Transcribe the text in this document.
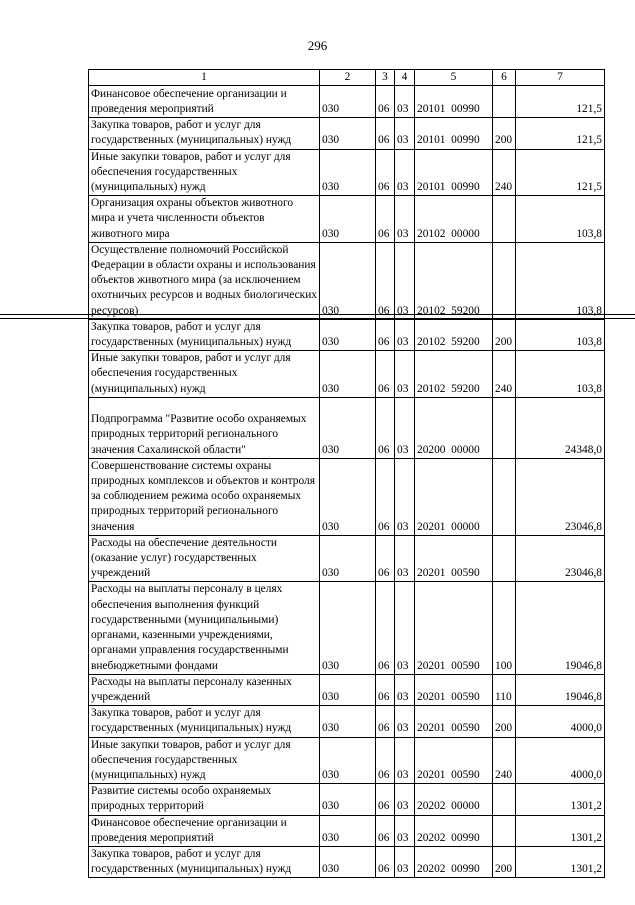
296
1	2	3	4	5	6	7
Финансовое обеспечение организации и проведения мероприятий	030	06	03	20101  00990		121,5
Закупка товаров, работ и услуг для государственных (муниципальных) нужд	030	06	03	20101  00990	200	121,5
Иные закупки товаров, работ и услуг для обеспечения государственных (муниципальных) нужд	030	06	03	20101  00990	240	121,5
Организация охраны объектов животного мира и учета численности объектов животного мира	030	06	03	20102  00000		103,8
Осуществление полномочий Российской Федерации в области охраны и использования объектов животного мира (за исключением охотничьих ресурсов и водных биологических ресурсов)	030	06	03	20102  59200		103,8
Закупка товаров, работ и услуг для государственных (муниципальных) нужд	030	06	03	20102  59200	200	103,8
Иные закупки товаров, работ и услуг для обеспечения государственных (муниципальных) нужд	030	06	03	20102  59200	240	103,8
Подпрограмма "Развитие особо охраняемых природных территорий регионального значения Сахалинской области"	030	06	03	20200  00000		24348,0
Совершенствование системы охраны природных комплексов и объектов и контроля за соблюдением режима особо охраняемых природных территорий регионального значения	030	06	03	20201  00000		23046,8
Расходы на обеспечение деятельности (оказание услуг) государственных учреждений	030	06	03	20201  00590		23046,8
Расходы на выплаты персоналу в целях обеспечения выполнения функций государственными (муниципальными) органами, казенными учреждениями, органами управления государственными внебюджетными фондами	030	06	03	20201  00590	100	19046,8
Расходы на выплаты персоналу казенных учреждений	030	06	03	20201  00590	110	19046,8
Закупка товаров, работ и услуг для государственных (муниципальных) нужд	030	06	03	20201  00590	200	4000,0
Иные закупки товаров, работ и услуг для обеспечения государственных (муниципальных) нужд	030	06	03	20201  00590	240	4000,0
Развитие системы особо охраняемых природных территорий	030	06	03	20202  00000		1301,2
Финансовое обеспечение организации и проведения мероприятий	030	06	03	20202  00990		1301,2
Закупка товаров, работ и услуг для государственных (муниципальных) нужд	030	06	03	20202  00990	200	1301,2
